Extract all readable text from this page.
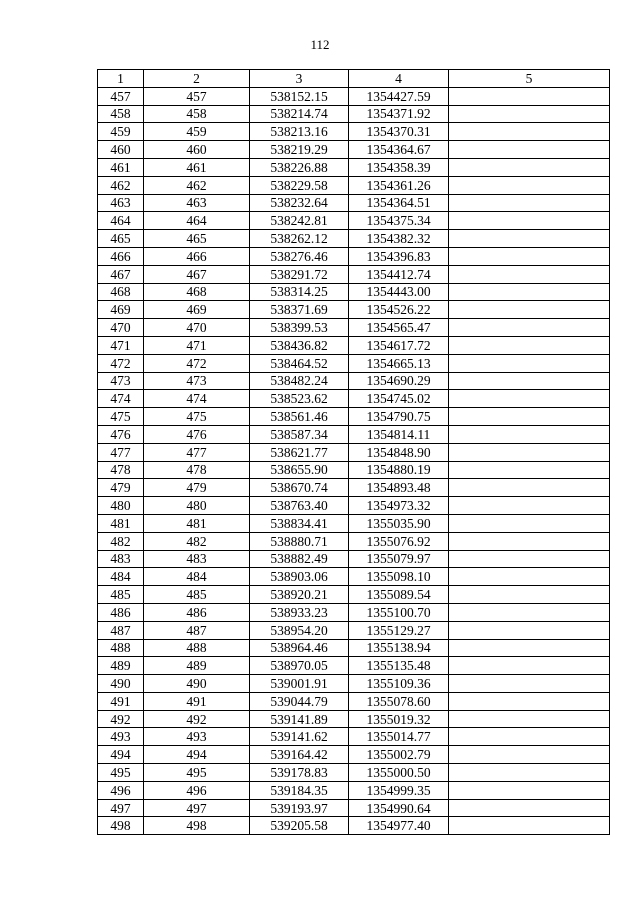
112
1	2	3	4	5
457	457	538152.15	1354427.59	
458	458	538214.74	1354371.92	
459	459	538213.16	1354370.31	
460	460	538219.29	1354364.67	
461	461	538226.88	1354358.39	
462	462	538229.58	1354361.26	
463	463	538232.64	1354364.51	
464	464	538242.81	1354375.34	
465	465	538262.12	1354382.32	
466	466	538276.46	1354396.83	
467	467	538291.72	1354412.74	
468	468	538314.25	1354443.00	
469	469	538371.69	1354526.22	
470	470	538399.53	1354565.47	
471	471	538436.82	1354617.72	
472	472	538464.52	1354665.13	
473	473	538482.24	1354690.29	
474	474	538523.62	1354745.02	
475	475	538561.46	1354790.75	
476	476	538587.34	1354814.11	
477	477	538621.77	1354848.90	
478	478	538655.90	1354880.19	
479	479	538670.74	1354893.48	
480	480	538763.40	1354973.32	
481	481	538834.41	1355035.90	
482	482	538880.71	1355076.92	
483	483	538882.49	1355079.97	
484	484	538903.06	1355098.10	
485	485	538920.21	1355089.54	
486	486	538933.23	1355100.70	
487	487	538954.20	1355129.27	
488	488	538964.46	1355138.94	
489	489	538970.05	1355135.48	
490	490	539001.91	1355109.36	
491	491	539044.79	1355078.60	
492	492	539141.89	1355019.32	
493	493	539141.62	1355014.77	
494	494	539164.42	1355002.79	
495	495	539178.83	1355000.50	
496	496	539184.35	1354999.35	
497	497	539193.97	1354990.64	
498	498	539205.58	1354977.40	
